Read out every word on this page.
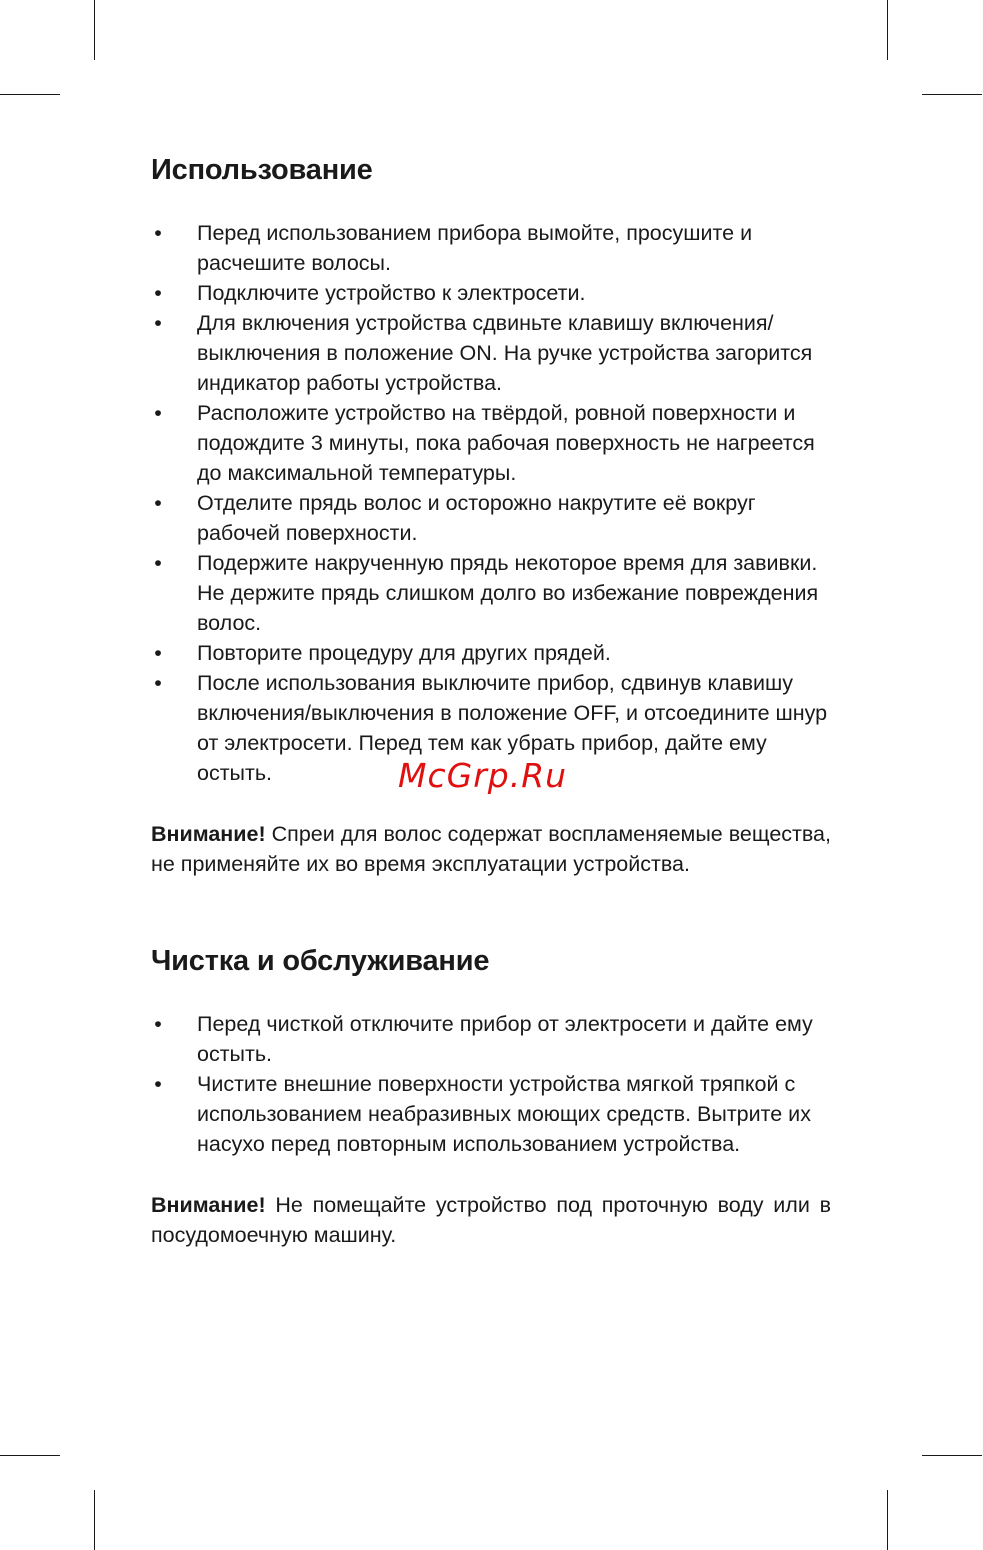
Использование
• Перед использованием прибора вымойте, просушите и расчешите волосы.
• Подключите устройство к электросети.
• Для включения устройства сдвиньте клавишу включения/выключения в положение ON. На ручке устройства загорится индикатор работы устройства.
• Расположите устройство на твёрдой, ровной поверхности и подождите 3 минуты, пока рабочая поверхность не нагреется до максимальной температуры.
• Отделите прядь волос и осторожно накрутите её вокруг рабочей поверхности.
• Подержите накрученную прядь некоторое время для завивки. Не держите прядь слишком долго во избежание повреждения волос.
• Повторите процедуру для других прядей.
• После использования выключите прибор, сдвинув клавишу включения/выключения в положение OFF, и отсоедините шнур от электросети. Перед тем как убрать прибор, дайте ему остыть.

Внимание! Спреи для волос содержат воспламеняемые вещества, не применяйте их во время эксплуатации устройства.

Чистка и обслуживание
• Перед чисткой отключите прибор от электросети и дайте ему остыть.
• Чистите внешние поверхности устройства мягкой тряпкой с использованием неабразивных моющих средств. Вытрите их насухо перед повторным использованием устройства.

Внимание! Не помещайте устройство под проточную воду или в посудомоечную машину.

McGrp.Ru
